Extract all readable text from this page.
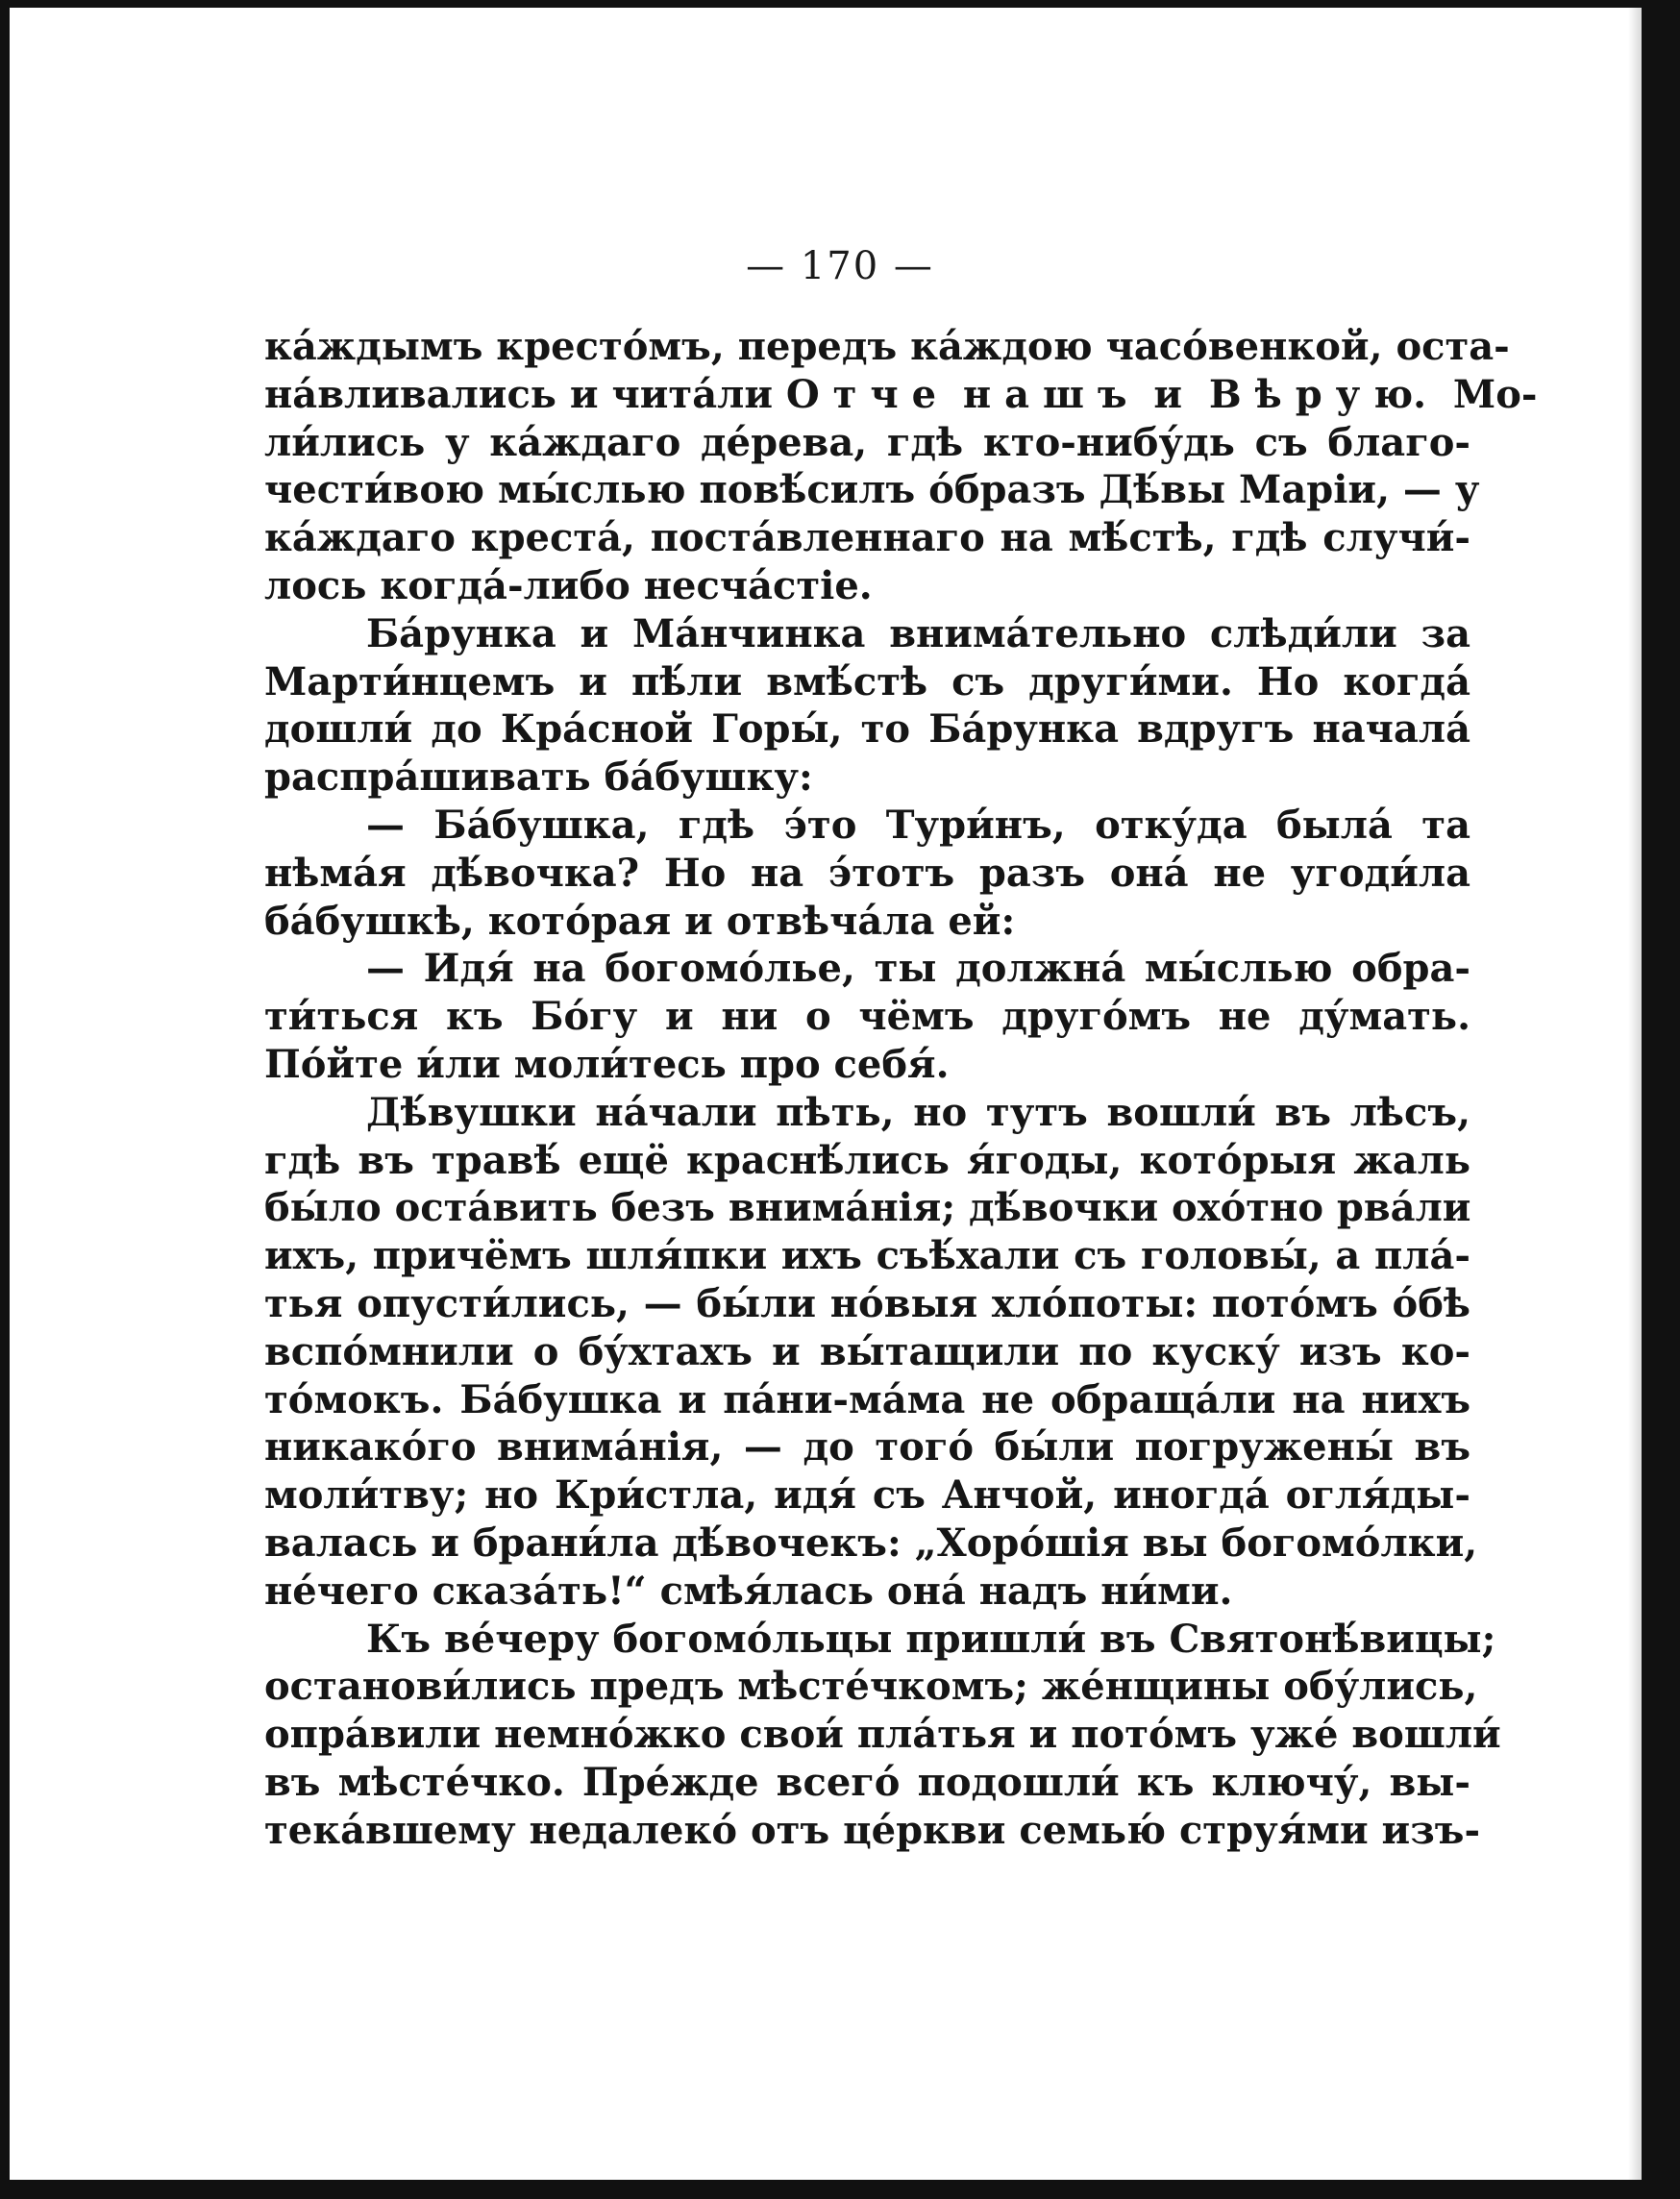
— 170 —
ка́ждымъ кресто́мъ, передъ ка́ждою часо́венкой, оста-
на́вливались и чита́ли О т ч е  н а ш ъ  и  В ѣ р у ю.  Мо-
ли́лись у ка́ждаго де́рева, гдѣ кто-нибу́дь съ благо-
чести́вою мы́слью повѣ́силъ о́бразъ Дѣ́вы Маріи, — у
ка́ждаго креста́, поста́вленнаго на мѣ́стѣ, гдѣ случи́-
лось когда́-либо несча́стіе.
Ба́рунка и Ма́нчинка внима́тельно слѣди́ли за
Марти́нцемъ и пѣ́ли вмѣ́стѣ съ други́ми. Но когда́
дошли́ до Кра́сной Горы́, то Ба́рунка вдругъ начала́
распра́шивать ба́бушку:
— Ба́бушка, гдѣ э́то Тури́нъ, отку́да была́ та
нѣма́я дѣ́вочка? Но на э́тотъ разъ она́ не угоди́ла
ба́бушкѣ, кото́рая и отвѣча́ла ей:
— Идя́ на богомо́лье, ты должна́ мы́слью обра-
ти́ться къ Бо́гу и ни о чёмъ друго́мъ не ду́мать.
По́йте и́ли моли́тесь про себя́.
Дѣ́вушки на́чали пѣть, но тутъ вошли́ въ лѣсъ,
гдѣ въ травѣ́ ещё краснѣ́лись я́годы, кото́рыя жаль
бы́ло оста́вить безъ внима́нія; дѣ́вочки охо́тно рва́ли
ихъ, причёмъ шля́пки ихъ съѣ́хали съ головы́, а пла́-
тья опусти́лись, — бы́ли но́выя хло́поты: пото́мъ о́бѣ
вспо́мнили о бу́хтахъ и вы́тащили по куску́ изъ ко-
то́мокъ. Ба́бушка и па́ни-ма́ма не обраща́ли на нихъ
никако́го внима́нія, — до того́ бы́ли погружены́ въ
моли́тву; но Кри́стла, идя́ съ Анчой, иногда́ огля́ды-
валась и брани́ла дѣ́вочекъ: „Хоро́шія вы богомо́лки,
не́чего сказа́ть!“ смѣя́лась она́ надъ ни́ми.
Къ ве́черу богомо́льцы пришли́ въ Святонѣ́вицы;
останови́лись предъ мѣсте́чкомъ; же́нщины обу́лись,
опра́вили немно́жко свои́ пла́тья и пото́мъ уже́ вошли́
въ мѣсте́чко. Пре́жде всего́ подошли́ къ ключу́, вы-
тека́вшему недалеко́ отъ це́ркви семью́ струя́ми изъ-
